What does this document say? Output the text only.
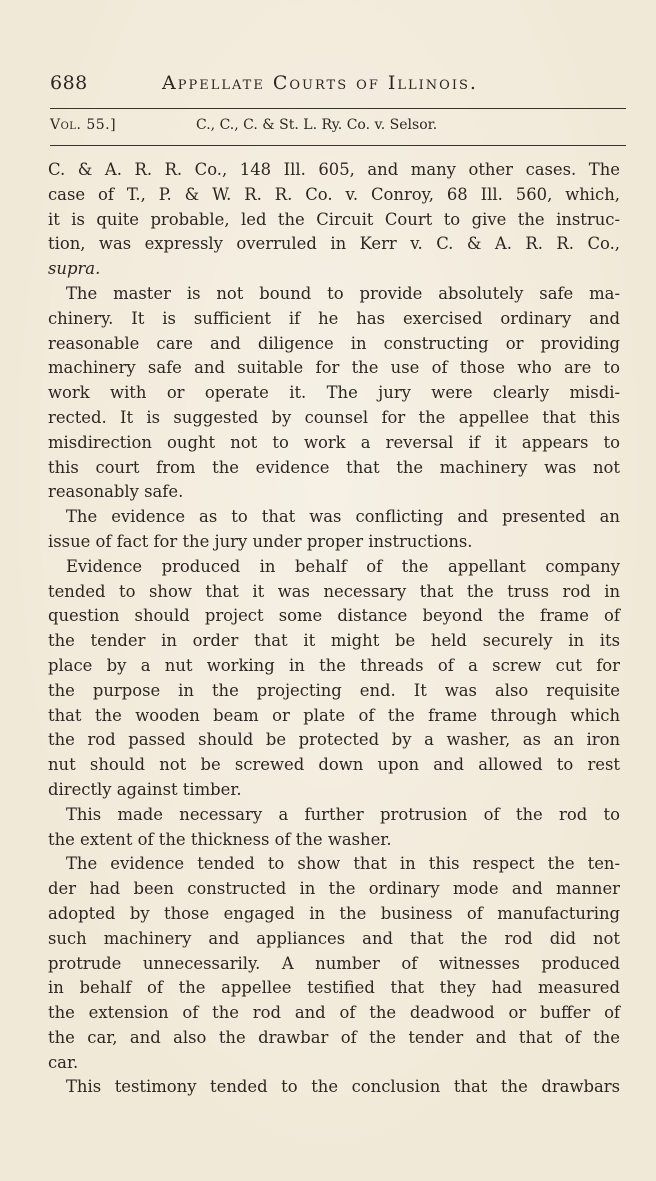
688	Appellate Courts of Illinois.
Vol. 55.]	C., C., C. & St. L. Ry. Co. v. Selsor.
C. & A. R. R. Co., 148 Ill. 605, and many other cases. The
case of T., P. & W. R. R. Co. v. Conroy, 68 Ill. 560, which,
it is quite probable, led the Circuit Court to give the instruc-
tion, was expressly overruled in Kerr v. C. & A. R. R. Co.,
supra.
The master is not bound to provide absolutely safe ma-
chinery. It is sufficient if he has exercised ordinary and
reasonable care and diligence in constructing or providing
machinery safe and suitable for the use of those who are to
work with or operate it. The jury were clearly misdi-
rected. It is suggested by counsel for the appellee that this
misdirection ought not to work a reversal if it appears to
this court from the evidence that the machinery was not
reasonably safe.
The evidence as to that was conflicting and presented an
issue of fact for the jury under proper instructions.
Evidence produced in behalf of the appellant company
tended to show that it was necessary that the truss rod in
question should project some distance beyond the frame of
the tender in order that it might be held securely in its
place by a nut working in the threads of a screw cut for
the purpose in the projecting end. It was also requisite
that the wooden beam or plate of the frame through which
the rod passed should be protected by a washer, as an iron
nut should not be screwed down upon and allowed to rest
directly against timber.
This made necessary a further protrusion of the rod to
the extent of the thickness of the washer.
The evidence tended to show that in this respect the ten-
der had been constructed in the ordinary mode and manner
adopted by those engaged in the business of manufacturing
such machinery and appliances and that the rod did not
protrude unnecessarily. A number of witnesses produced
in behalf of the appellee testified that they had measured
the extension of the rod and of the deadwood or buffer of
the car, and also the drawbar of the tender and that of the
car.
This testimony tended to the conclusion that the drawbars
